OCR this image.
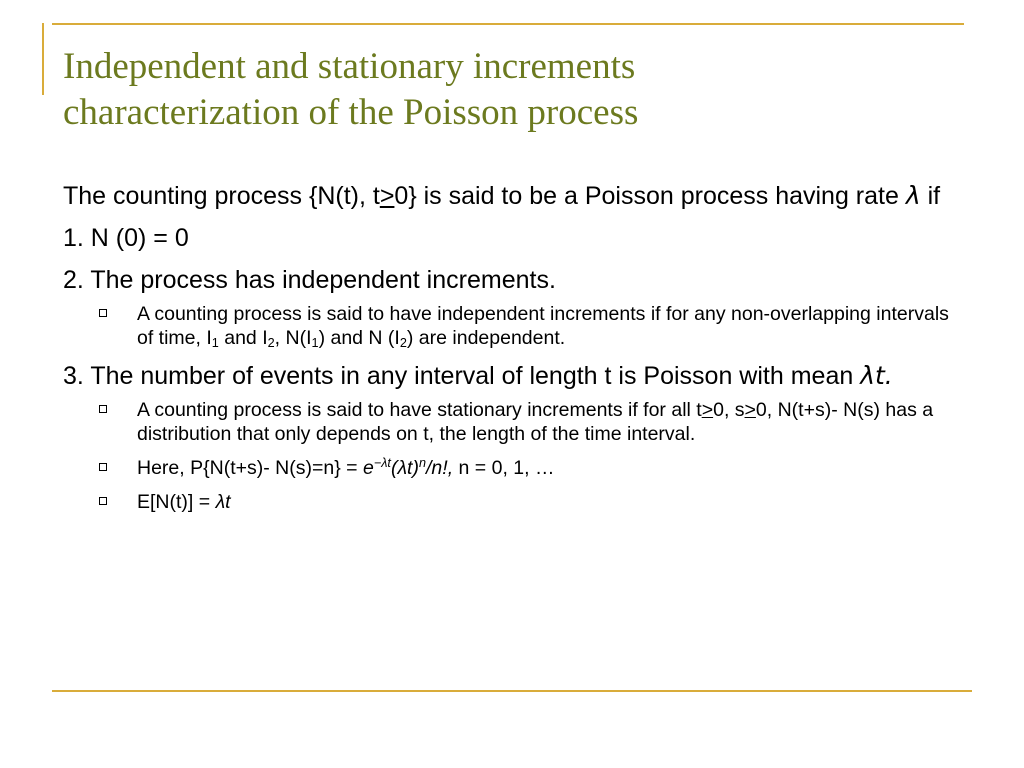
Independent and stationary increments
characterization of the Poisson process
The counting process {N(t), t≥0} is said to be a Poisson process having rate λ if
1. N (0) = 0
2. The process has independent increments.
A counting process is said to have independent increments if for any non-overlapping intervals of time, $I_1$ and $I_2$, $N(I_1)$ and N $(I_2)$ are independent.
3. The number of events in any interval of length t is Poisson with mean λt.
A counting process is said to have stationary increments if for all t>0, s>0, N(t+s)- N(s) has a distribution that only depends on t, the length of the time interval.
Here, P{N(t+s)- $N(s)=n\} = e^{-\lambda t}(\lambda t)^n/n$!, n = 0, 1, …
E[N(t)] = λt
